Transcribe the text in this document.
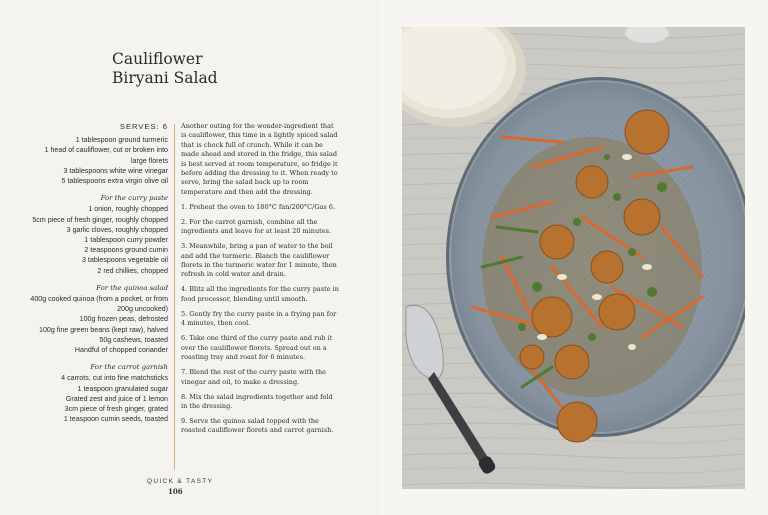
Cauliflower
Biryani Salad
SERVES: 6
1 tablespoon ground turmeric
1 head of cauliflower, cut or broken into
large florets
3 tablespoons white wine vinegar
5 tablespoons extra virgin olive oil
For the curry paste
1 onion, roughly chopped
5cm piece of fresh ginger, roughly chopped
3 garlic cloves, roughly chopped
1 tablespoon curry powder
2 teaspoons ground cumin
3 tablespoons vegetable oil
2 red chillies, chopped
For the quinoa salad
400g cooked quinoa (from a pocket, or from
200g uncooked)
100g frozen peas, defrosted
100g fine green beans (kept raw), halved
50g cashews, toasted
Handful of chopped coriander
For the carrot garnish
4 carrots, cut into fine matchsticks
1 teaspoon granulated sugar
Grated zest and juice of 1 lemon
3cm piece of fresh ginger, grated
1 teaspoon cumin seeds, toasted

Another outing for the wonder-ingredient that is cauliflower, this time in a lightly spiced salad that is chock full of crunch. While it can be made ahead and stored in the fridge, this salad is best served at room temperature, so fridge it before adding the dressing to it. When ready to serve, bring the salad back up to room temperature and then add the dressing.

1. Preheat the oven to 180°C fan/200°C/Gas 6.

2. For the carrot garnish, combine all the ingredients and leave for at least 20 minutes.

3. Meanwhile, bring a pan of water to the boil and add the turmeric. Blanch the cauliflower florets in the turmeric water for 1 minute, then refresh in cold water and drain.

4. Blitz all the ingredients for the curry paste in food processor, blending until smooth.

5. Gently fry the curry paste in a frying pan for 4 minutes, then cool.

6. Take one third of the curry paste and rub it over the cauliflower florets. Spread out on a roasting tray and roast for 6 minutes.

7. Blend the rest of the curry paste with the vinegar and oil, to make a dressing.

8. Mix the salad ingredients together and fold in the dressing.

9. Serve the quinoa salad topped with the roasted cauliflower florets and carrot garnish.

QUICK & TASTY
106
